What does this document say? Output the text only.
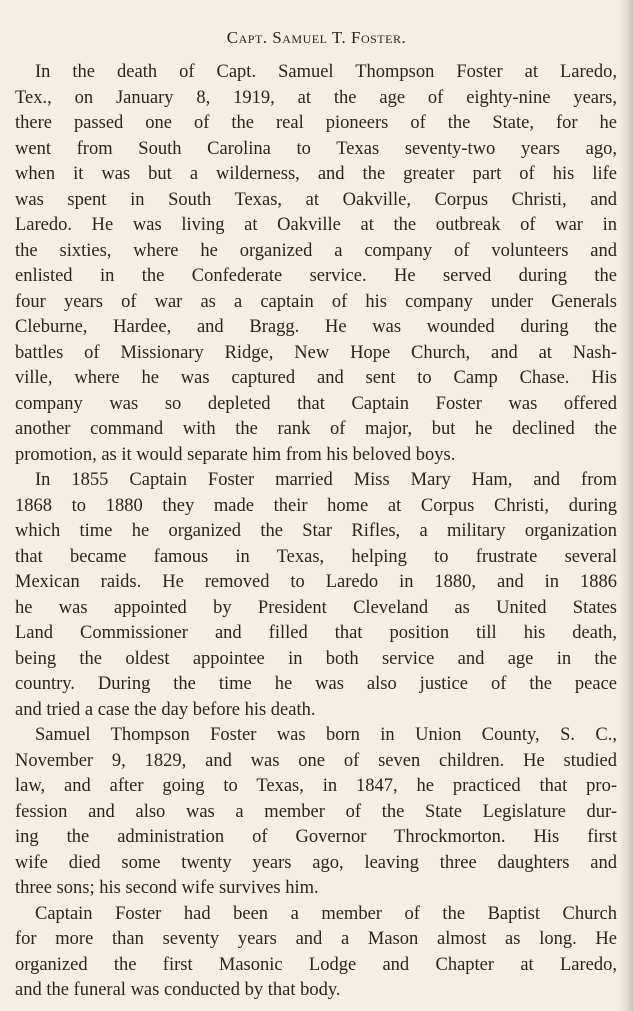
Capt. Samuel T. Foster.
In the death of Capt. Samuel Thompson Foster at Laredo,
Tex., on January 8, 1919, at the age of eighty-nine years,
there passed one of the real pioneers of the State, for he
went from South Carolina to Texas seventy-two years ago,
when it was but a wilderness, and the greater part of his life
was spent in South Texas, at Oakville, Corpus Christi, and
Laredo. He was living at Oakville at the outbreak of war in
the sixties, where he organized a company of volunteers and
enlisted in the Confederate service. He served during the
four years of war as a captain of his company under Generals
Cleburne, Hardee, and Bragg. He was wounded during the
battles of Missionary Ridge, New Hope Church, and at Nash-
ville, where he was captured and sent to Camp Chase. His
company was so depleted that Captain Foster was offered
another command with the rank of major, but he declined the
promotion, as it would separate him from his beloved boys.
In 1855 Captain Foster married Miss Mary Ham, and from
1868 to 1880 they made their home at Corpus Christi, during
which time he organized the Star Rifles, a military organization
that became famous in Texas, helping to frustrate several
Mexican raids. He removed to Laredo in 1880, and in 1886
he was appointed by President Cleveland as United States
Land Commissioner and filled that position till his death,
being the oldest appointee in both service and age in the
country. During the time he was also justice of the peace
and tried a case the day before his death.
Samuel Thompson Foster was born in Union County, S. C.,
November 9, 1829, and was one of seven children. He studied
law, and after going to Texas, in 1847, he practiced that pro-
fession and also was a member of the State Legislature dur-
ing the administration of Governor Throckmorton. His first
wife died some twenty years ago, leaving three daughters and
three sons; his second wife survives him.
Captain Foster had been a member of the Baptist Church
for more than seventy years and a Mason almost as long. He
organized the first Masonic Lodge and Chapter at Laredo,
and the funeral was conducted by that body.
